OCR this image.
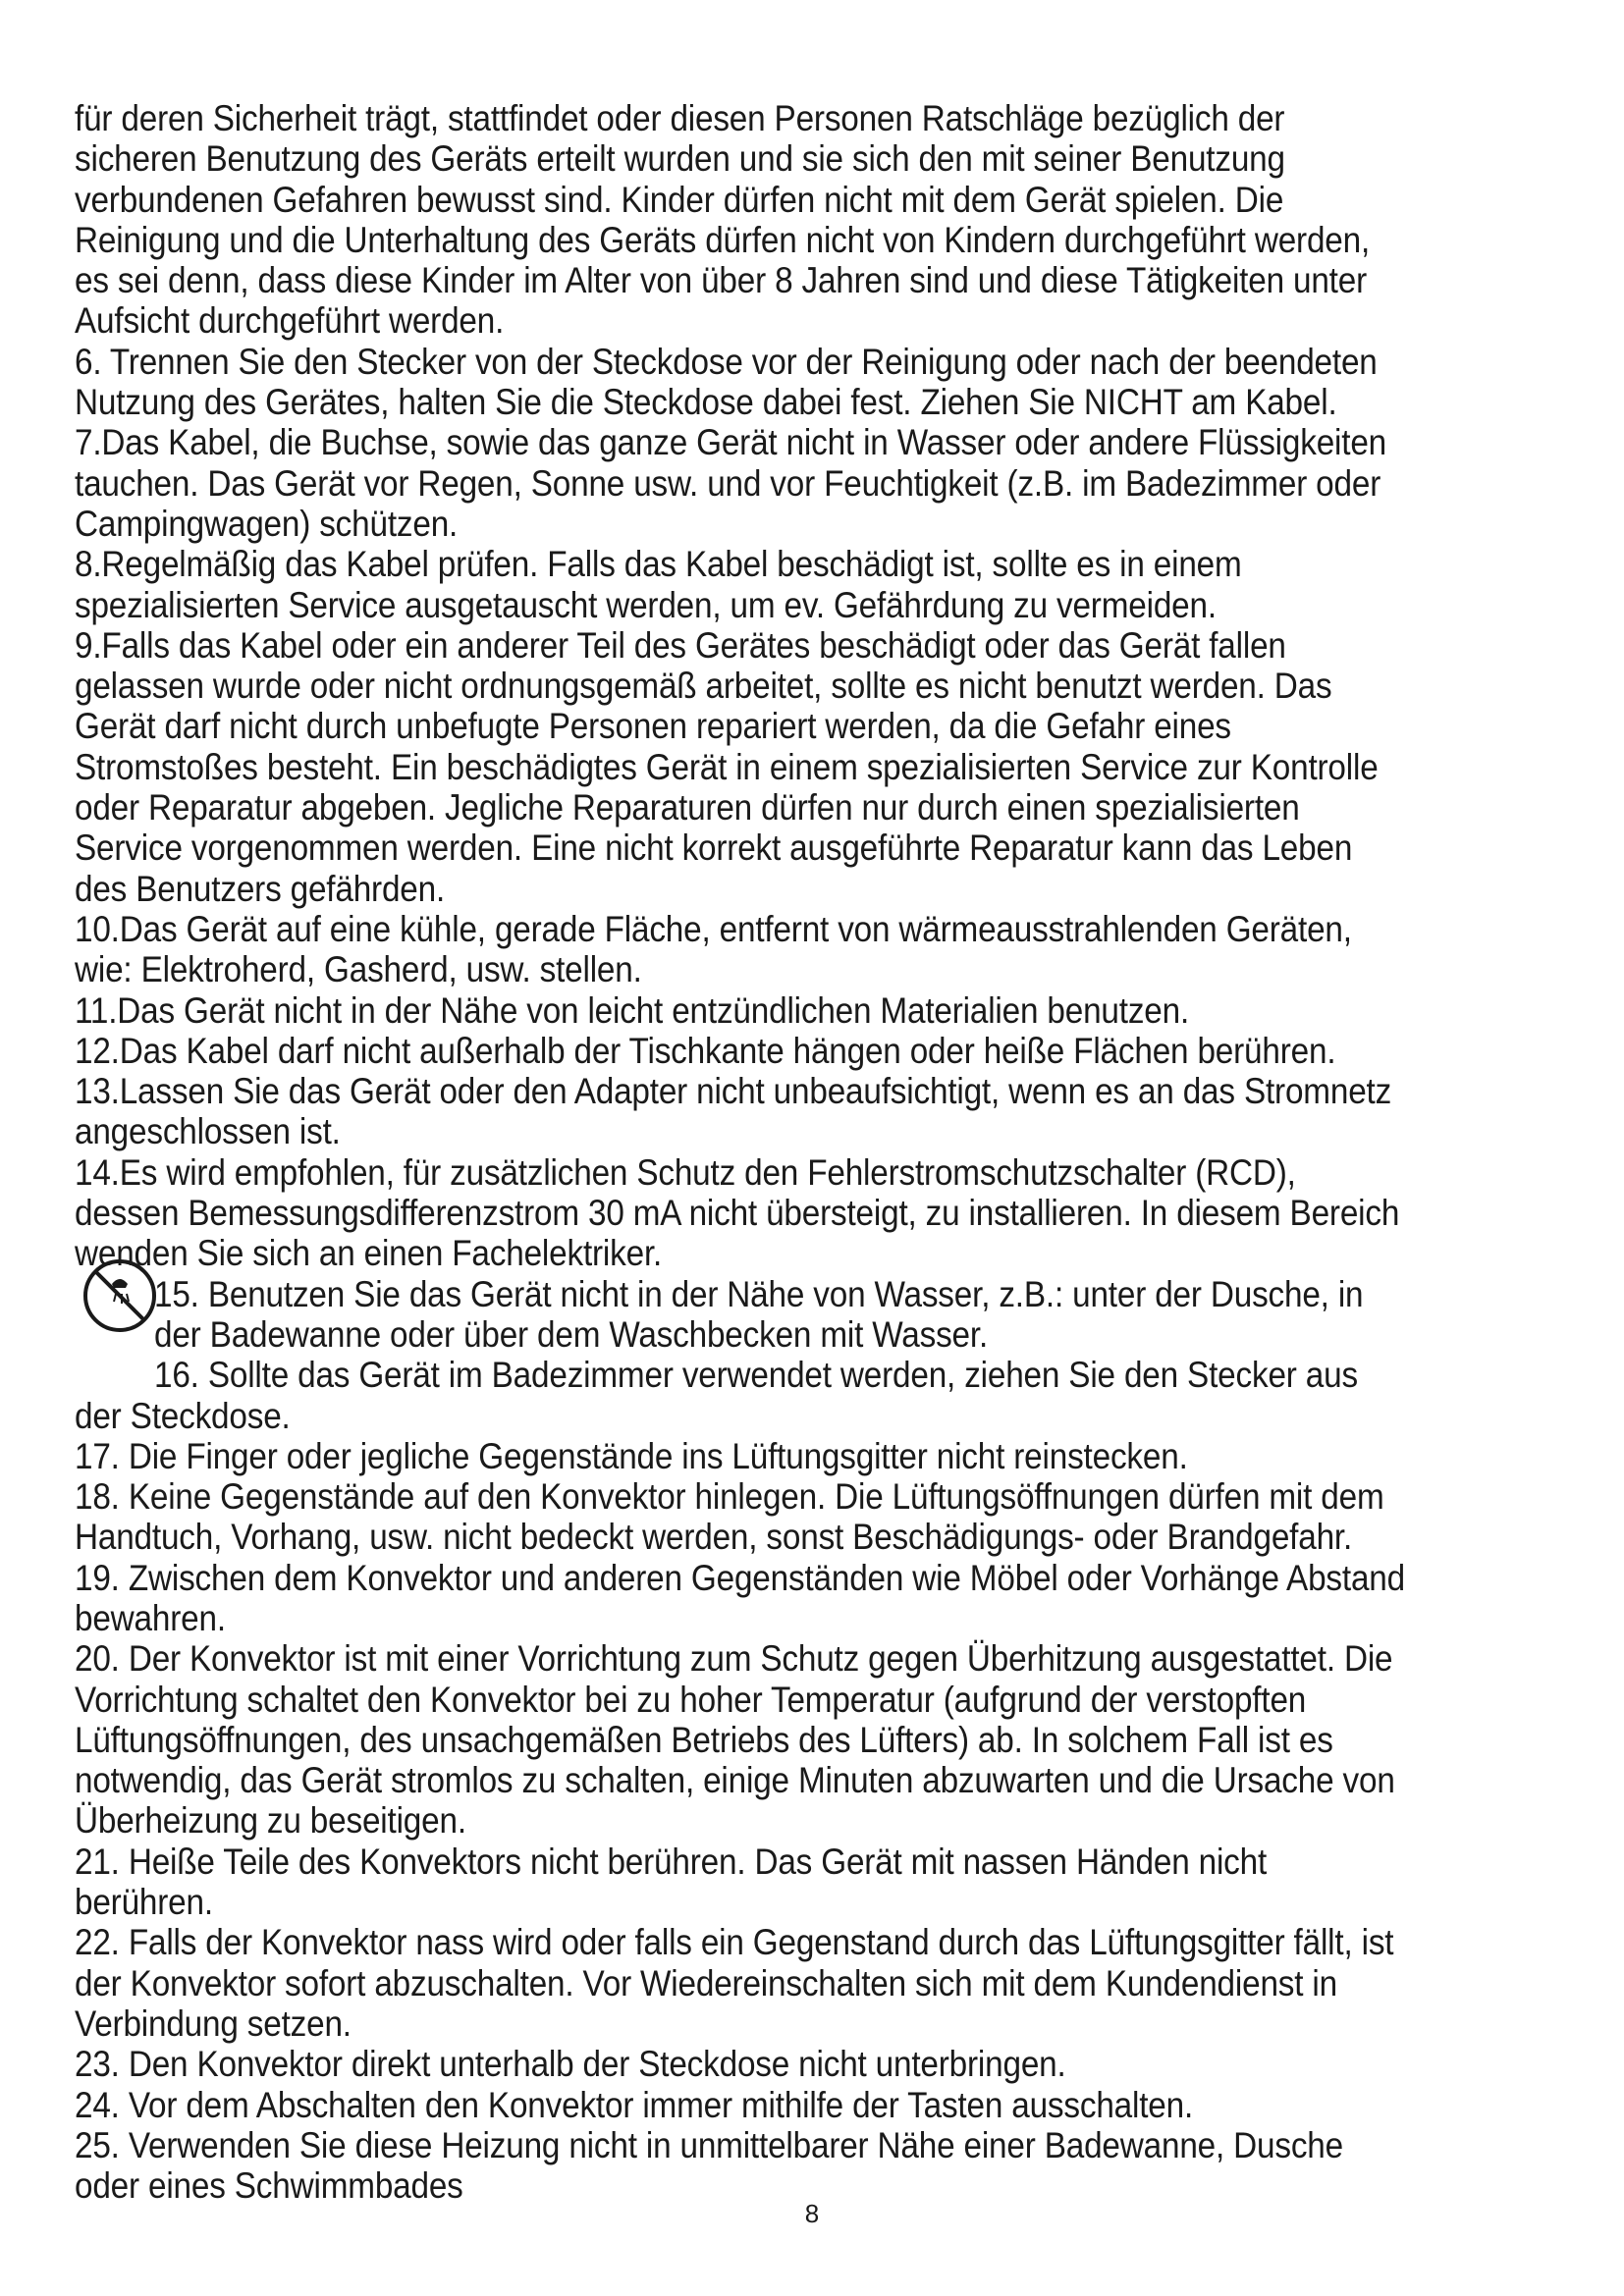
für deren Sicherheit trägt, stattfindet oder diesen Personen Ratschläge bezüglich der
sicheren Benutzung des Geräts erteilt wurden und sie sich den mit seiner Benutzung
verbundenen Gefahren bewusst sind. Kinder dürfen nicht mit dem Gerät spielen. Die
Reinigung und die Unterhaltung des Geräts dürfen nicht von Kindern durchgeführt werden,
es sei denn, dass diese Kinder im Alter von über 8 Jahren sind und diese Tätigkeiten unter
Aufsicht durchgeführt werden.
6. Trennen Sie den Stecker von der Steckdose vor der Reinigung oder nach der beendeten
Nutzung des Gerätes, halten Sie die Steckdose dabei fest. Ziehen Sie NICHT am Kabel.
7.Das Kabel, die Buchse, sowie das ganze Gerät nicht in Wasser oder andere Flüssigkeiten
tauchen. Das Gerät vor Regen, Sonne usw. und vor Feuchtigkeit (z.B. im Badezimmer oder
Campingwagen) schützen.
8.Regelmäßig das Kabel prüfen. Falls das Kabel beschädigt ist, sollte es in einem
spezialisierten Service ausgetauscht werden, um ev. Gefährdung zu vermeiden.
9.Falls das Kabel oder ein anderer Teil des Gerätes beschädigt oder das Gerät fallen
gelassen wurde oder nicht ordnungsgemäß arbeitet, sollte es nicht benutzt werden. Das
Gerät darf nicht durch unbefugte Personen repariert werden, da die Gefahr eines
Stromstoßes besteht. Ein beschädigtes Gerät in einem spezialisierten Service zur Kontrolle
oder Reparatur abgeben. Jegliche Reparaturen dürfen nur durch einen spezialisierten
Service vorgenommen werden. Eine nicht korrekt ausgeführte Reparatur kann das Leben
des Benutzers gefährden.
10.Das Gerät auf eine kühle, gerade Fläche, entfernt von wärmeausstrahlenden Geräten,
wie: Elektroherd, Gasherd, usw. stellen.
11.Das Gerät nicht in der Nähe von leicht entzündlichen Materialien benutzen.
12.Das Kabel darf nicht außerhalb der Tischkante hängen oder heiße Flächen berühren.
13.Lassen Sie das Gerät oder den Adapter nicht unbeaufsichtigt, wenn es an das Stromnetz
angeschlossen ist.
14.Es wird empfohlen, für zusätzlichen Schutz den Fehlerstromschutzschalter (RCD),
dessen Bemessungsdifferenzstrom 30 mA nicht übersteigt, zu installieren. In diesem Bereich
wenden Sie sich an einen Fachelektriker.
15. Benutzen Sie das Gerät nicht in der Nähe von Wasser, z.B.: unter der Dusche, in
der Badewanne oder über dem Waschbecken mit Wasser.
16. Sollte das Gerät im Badezimmer verwendet werden, ziehen Sie den Stecker aus
der Steckdose.
17. Die Finger oder jegliche Gegenstände ins Lüftungsgitter nicht reinstecken.
18. Keine Gegenstände auf den Konvektor hinlegen. Die Lüftungsöffnungen dürfen mit dem
Handtuch, Vorhang, usw. nicht bedeckt werden, sonst Beschädigungs- oder Brandgefahr.
19. Zwischen dem Konvektor und anderen Gegenständen wie Möbel oder Vorhänge Abstand
bewahren.
20. Der Konvektor ist mit einer Vorrichtung zum Schutz gegen Überhitzung ausgestattet. Die
Vorrichtung schaltet den Konvektor bei zu hoher Temperatur (aufgrund der verstopften
Lüftungsöffnungen, des unsachgemäßen Betriebs des Lüfters) ab. In solchem Fall ist es
notwendig, das Gerät stromlos zu schalten, einige Minuten abzuwarten und die Ursache von
Überheizung zu beseitigen.
21. Heiße Teile des Konvektors nicht berühren. Das Gerät mit nassen Händen nicht
berühren.
22. Falls der Konvektor nass wird oder falls ein Gegenstand durch das Lüftungsgitter fällt, ist
der Konvektor sofort abzuschalten. Vor Wiedereinschalten sich mit dem Kundendienst in
Verbindung setzen.
23. Den Konvektor direkt unterhalb der Steckdose nicht unterbringen.
24. Vor dem Abschalten den Konvektor immer mithilfe der Tasten ausschalten.
25. Verwenden Sie diese Heizung nicht in unmittelbarer Nähe einer Badewanne, Dusche
oder eines Schwimmbades
8
